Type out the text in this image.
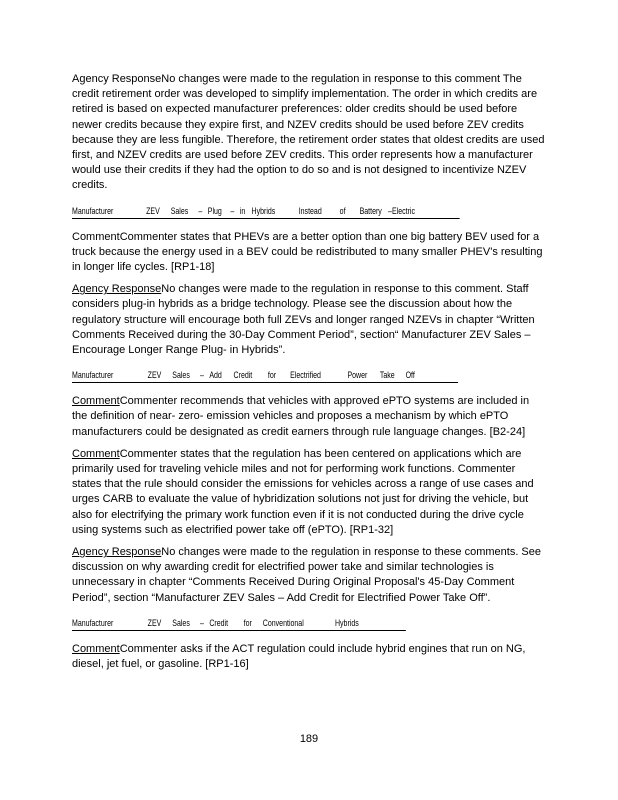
Agency ResponseNo changes were made to the regulation in response to this comment The credit retirement order was developed to simplify implementation. The order in which credits are retired is based on expected manufacturer preferences: older credits should be used before newer credits because they expire first, and NZEV credits should be used before ZEV credits because they are less fungible. Therefore, the retirement order states that oldest credits are used first, and NZEV credits are used before ZEV credits. This order represents how a manufacturer would use their credits if they had the option to do so and is not designed to incentivize NZEV credits.

Manufacturer	ZEV Sales – Plug – in Hybrids	Instead of Battery – Electric

CommentCommenter states that PHEVs are a better option than one big battery BEV used for a truck because the energy used in a BEV could be redistributed to many smaller PHEV's resulting in longer life cycles. [RP1-18]

Agency ResponseNo changes were made to the regulation in response to this comment. Staff considers plug-in hybrids as a bridge technology. Please see the discussion about how the regulatory structure will encourage both full ZEVs and longer ranged NZEVs in chapter “Written Comments Received during the 30-Day Comment Period”, section“ Manufacturer ZEV Sales – Encourage Longer Range Plug- in Hybrids”.

Manufacturer	ZEV Sales – Add Credit for Electrified	Power Take Off

CommentCommenter recommends that vehicles with approved ePTO systems are included in the definition of near- zero- emission vehicles and proposes a mechanism by which ePTO manufacturers could be designated as credit earners through rule language changes. [B2-24]

CommentCommenter states that the regulation has been centered on applications which are primarily used for traveling vehicle miles and not for performing work functions. Commenter states that the rule should consider the emissions for vehicles across a range of use cases and urges CARB to evaluate the value of hybridization solutions not just for driving the vehicle, but also for electrifying the primary work function even if it is not conducted during the drive cycle using systems such as electrified power take off (ePTO). [RP1-32]

Agency ResponseNo changes were made to the regulation in response to these comments. See discussion on why awarding credit for electrified power take and similar technologies is unnecessary in chapter “Comments Received During Original Proposal's 45-Day Comment Period”, section “Manufacturer ZEV Sales – Add Credit for Electrified Power Take Off”.

Manufacturer	ZEV Sales – Credit for Conventional	Hybrids

CommentCommenter asks if the ACT regulation could include hybrid engines that run on NG, diesel, jet fuel, or gasoline. [RP1-16]

189
